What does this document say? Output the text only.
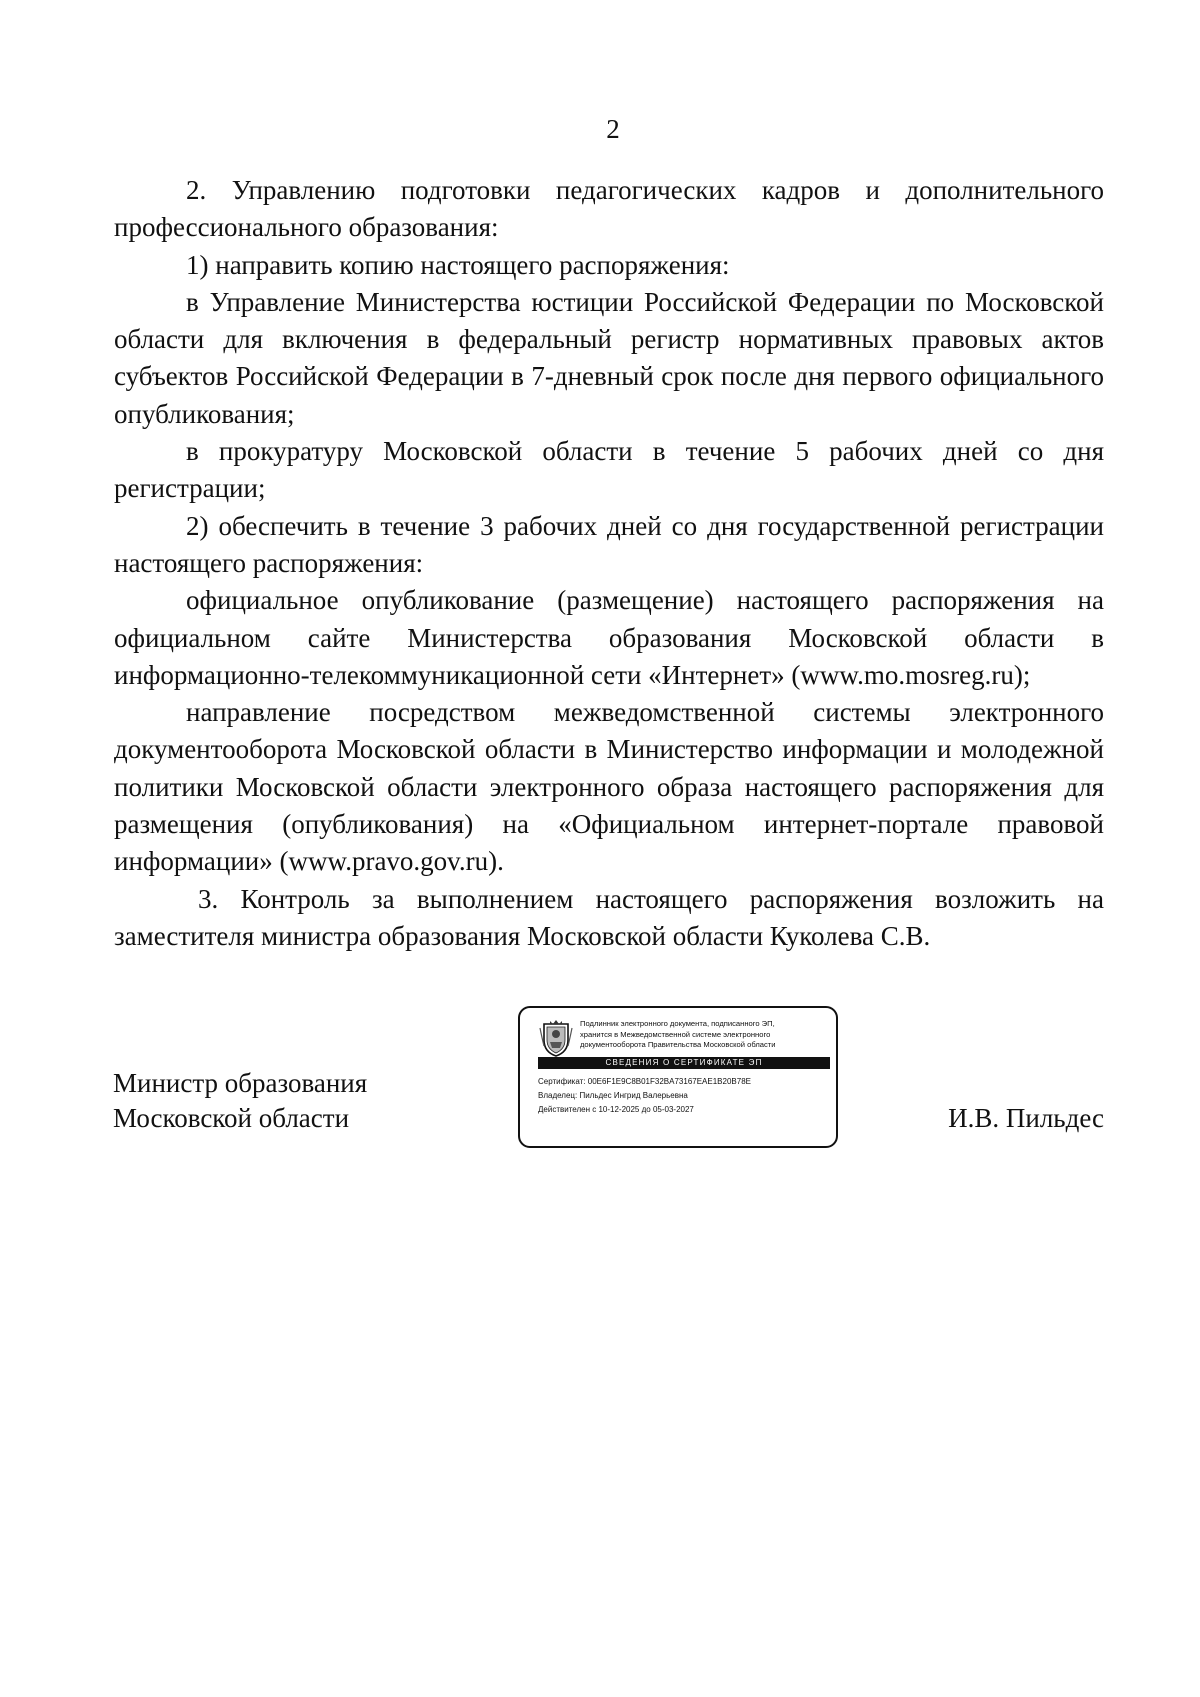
2

2. Управлению подготовки педагогических кадров и дополнительного профессионального образования:

1) направить копию настоящего распоряжения:

в Управление Министерства юстиции Российской Федерации по Московской области для включения в федеральный регистр нормативных правовых актов субъектов Российской Федерации в 7-дневный срок после дня первого официального опубликования;

в прокуратуру Московской области в течение 5 рабочих дней со дня регистрации;

2) обеспечить в течение 3 рабочих дней со дня государственной регистрации настоящего распоряжения:

официальное опубликование (размещение) настоящего распоряжения на официальном сайте Министерства образования Московской области в информационно-телекоммуникационной сети «Интернет» (www.mo.mosreg.ru);

направление посредством межведомственной системы электронного документооборота Московской области в Министерство информации и молодежной политики Московской области электронного образа настоящего распоряжения для размещения (опубликования) на «Официальном интернет-портале правовой информации» (www.pravo.gov.ru).

3. Контроль за выполнением настоящего распоряжения возложить на заместителя министра образования Московской области Куколева С.В.

Министр образования
Московской области
Подлинник электронного документа, подписанного ЭП,
хранится в Межведомственной системе электронного
документооборота Правительства Московской области
СВЕДЕНИЯ О СЕРТИФИКАТЕ ЭП
Сертификат: 00E6F1E9C8B01F32BA73167EAE1B20B78E
Владелец: Пильдес Ингрид Валерьевна
Действителен с 10-12-2025 до 05-03-2027	И.В. Пильдес
